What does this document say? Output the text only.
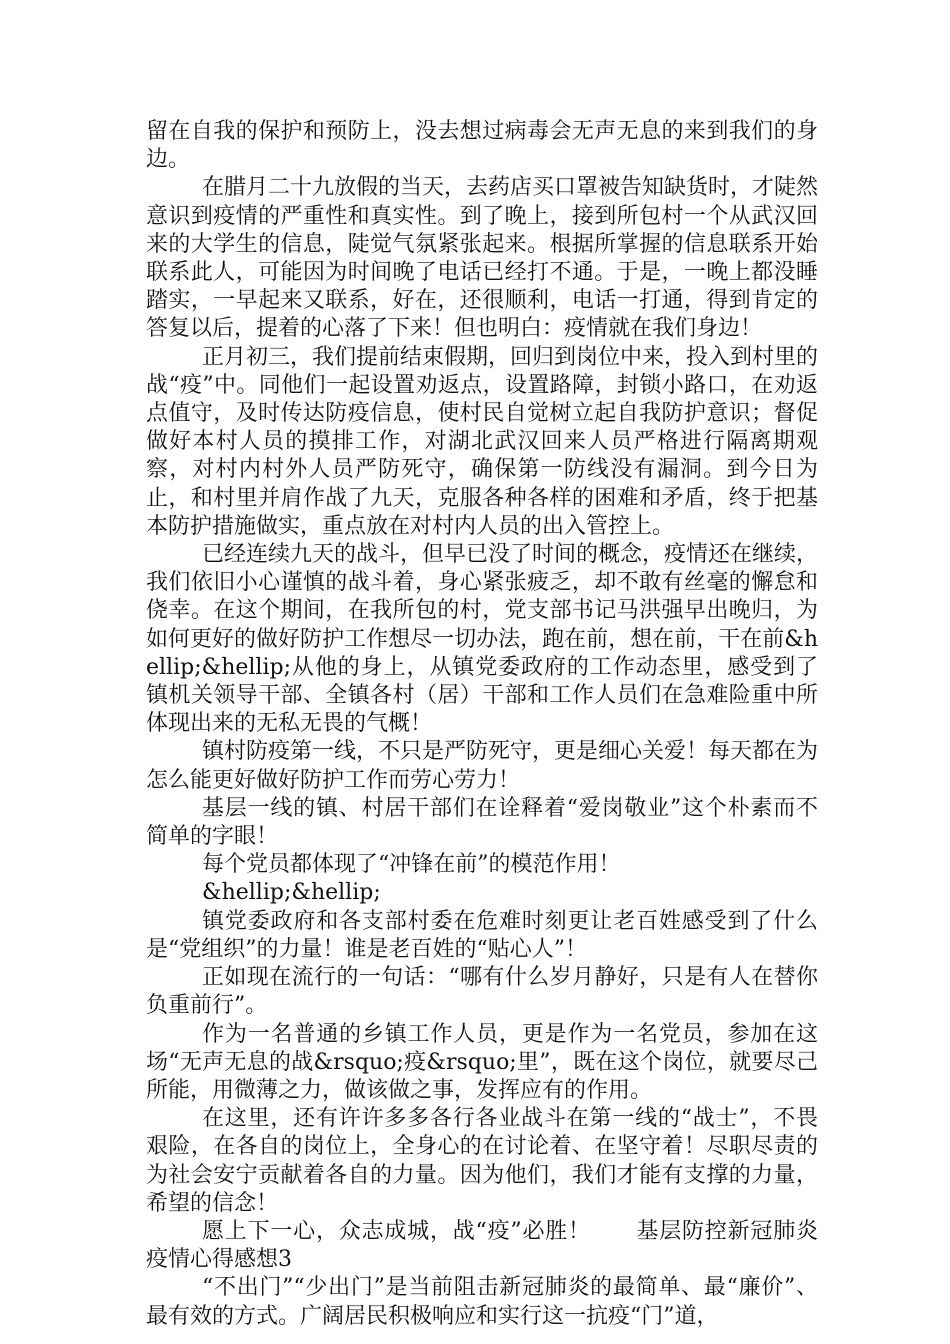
留在自我的保护和预防上，没去想过病毒会无声无息的来到我们的身边。

在腊月二十九放假的当天，去药店买口罩被告知缺货时，才陡然意识到疫情的严重性和真实性。到了晚上，接到所包村一个从武汉回来的大学生的信息，陡觉气氛紧张起来。根据所掌握的信息联系开始联系此人，可能因为时间晚了电话已经打不通。于是，一晚上都没睡踏实，一早起来又联系，好在，还很顺利，电话一打通，得到肯定的答复以后，提着的心落了下来！但也明白：疫情就在我们身边！

正月初三，我们提前结束假期，回归到岗位中来，投入到村里的战“疫”中。同他们一起设置劝返点，设置路障，封锁小路口，在劝返点值守，及时传达防疫信息，使村民自觉树立起自我防护意识；督促做好本村人员的摸排工作，对湖北武汉回来人员严格进行隔离期观察，对村内村外人员严防死守，确保第一防线没有漏洞。到今日为止，和村里并肩作战了九天，克服各种各样的困难和矛盾，终于把基本防护措施做实，重点放在对村内人员的出入管控上。

已经连续九天的战斗，但早已没了时间的概念，疫情还在继续，我们依旧小心谨慎的战斗着，身心紧张疲乏，却不敢有丝毫的懈怠和侥幸。在这个期间，在我所包的村，党支部书记马洪强早出晚归，为如何更好的做好防护工作想尽一切办法，跑在前，想在前，干在前&hellip;&hellip;从他的身上，从镇党委政府的工作动态里，感受到了镇机关领导干部、全镇各村（居）干部和工作人员们在急难险重中所体现出来的无私无畏的气概！

镇村防疫第一线，不只是严防死守，更是细心关爱！每天都在为怎么能更好做好防护工作而劳心劳力！

基层一线的镇、村居干部们在诠释着“爱岗敬业”这个朴素而不简单的字眼！

每个党员都体现了“冲锋在前”的模范作用！

&hellip;&hellip;

镇党委政府和各支部村委在危难时刻更让老百姓感受到了什么是“党组织”的力量！谁是老百姓的“贴心人”！

正如现在流行的一句话：“哪有什么岁月静好，只是有人在替你负重前行”。

作为一名普通的乡镇工作人员，更是作为一名党员，参加在这场“无声无息的战&rsquo;疫&rsquo;里”，既在这个岗位，就要尽己所能，用微薄之力，做该做之事，发挥应有的作用。

在这里，还有许许多多各行各业战斗在第一线的“战士”，不畏艰险，在各自的岗位上，全身心的在讨论着、在坚守着！尽职尽责的为社会安宁贡献着各自的力量。因为他们，我们才能有支撑的力量，希望的信念！

愿上下一心，众志成城，战“疫”必胜！　　基层防控新冠肺炎疫情心得感想3

“不出门”“少出门”是当前阻击新冠肺炎的最简单、最“廉价”、最有效的方式。广阔居民积极响应和实行这一抗疫“门”道，
